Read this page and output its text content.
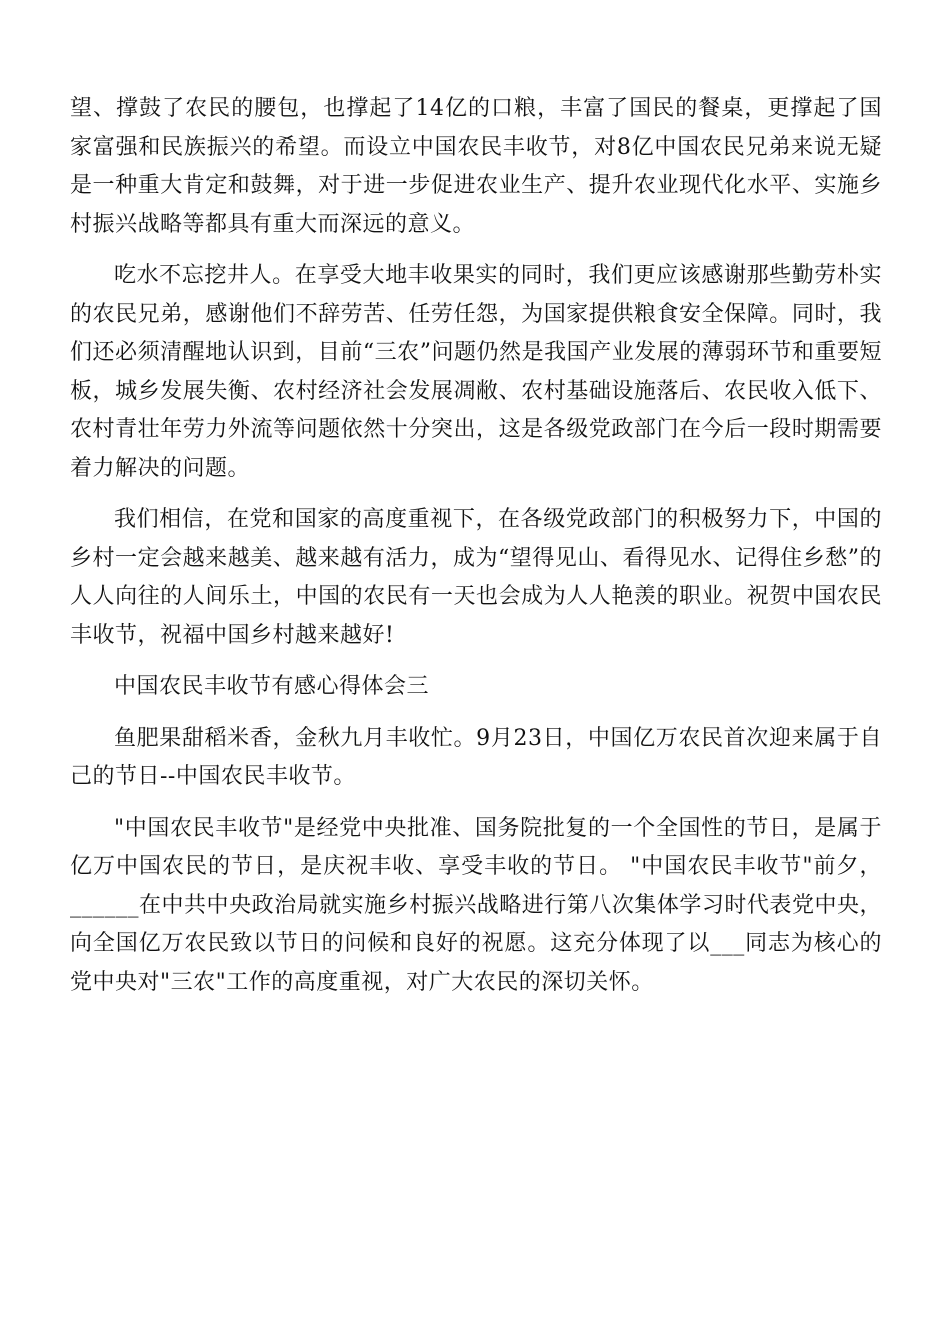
望、撑鼓了农民的腰包，也撑起了14亿的口粮，丰富了国民的餐桌，更撑起了国家富强和民族振兴的希望。而设立中国农民丰收节，对8亿中国农民兄弟来说无疑是一种重大肯定和鼓舞，对于进一步促进农业生产、提升农业现代化水平、实施乡村振兴战略等都具有重大而深远的意义。

吃水不忘挖井人。在享受大地丰收果实的同时，我们更应该感谢那些勤劳朴实的农民兄弟，感谢他们不辞劳苦、任劳任怨，为国家提供粮食安全保障。同时，我们还必须清醒地认识到，目前“三农”问题仍然是我国产业发展的薄弱环节和重要短板，城乡发展失衡、农村经济社会发展凋敝、农村基础设施落后、农民收入低下、农村青壮年劳力外流等问题依然十分突出，这是各级党政部门在今后一段时期需要着力解决的问题。

我们相信，在党和国家的高度重视下，在各级党政部门的积极努力下，中国的乡村一定会越来越美、越来越有活力，成为“望得见山、看得见水、记得住乡愁”的人人向往的人间乐土，中国的农民有一天也会成为人人艳羡的职业。祝贺中国农民丰收节，祝福中国乡村越来越好!

中国农民丰收节有感心得体会三

鱼肥果甜稻米香，金秋九月丰收忙。9月23日，中国亿万农民首次迎来属于自己的节日--中国农民丰收节。

"中国农民丰收节"是经党中央批准、国务院批复的一个全国性的节日，是属于亿万中国农民的节日，是庆祝丰收、享受丰收的节日。 "中国农民丰收节"前夕，______在中共中央政治局就实施乡村振兴战略进行第八次集体学习时代表党中央，向全国亿万农民致以节日的问候和良好的祝愿。这充分体现了以___同志为核心的党中央对"三农"工作的高度重视，对广大农民的深切关怀。
